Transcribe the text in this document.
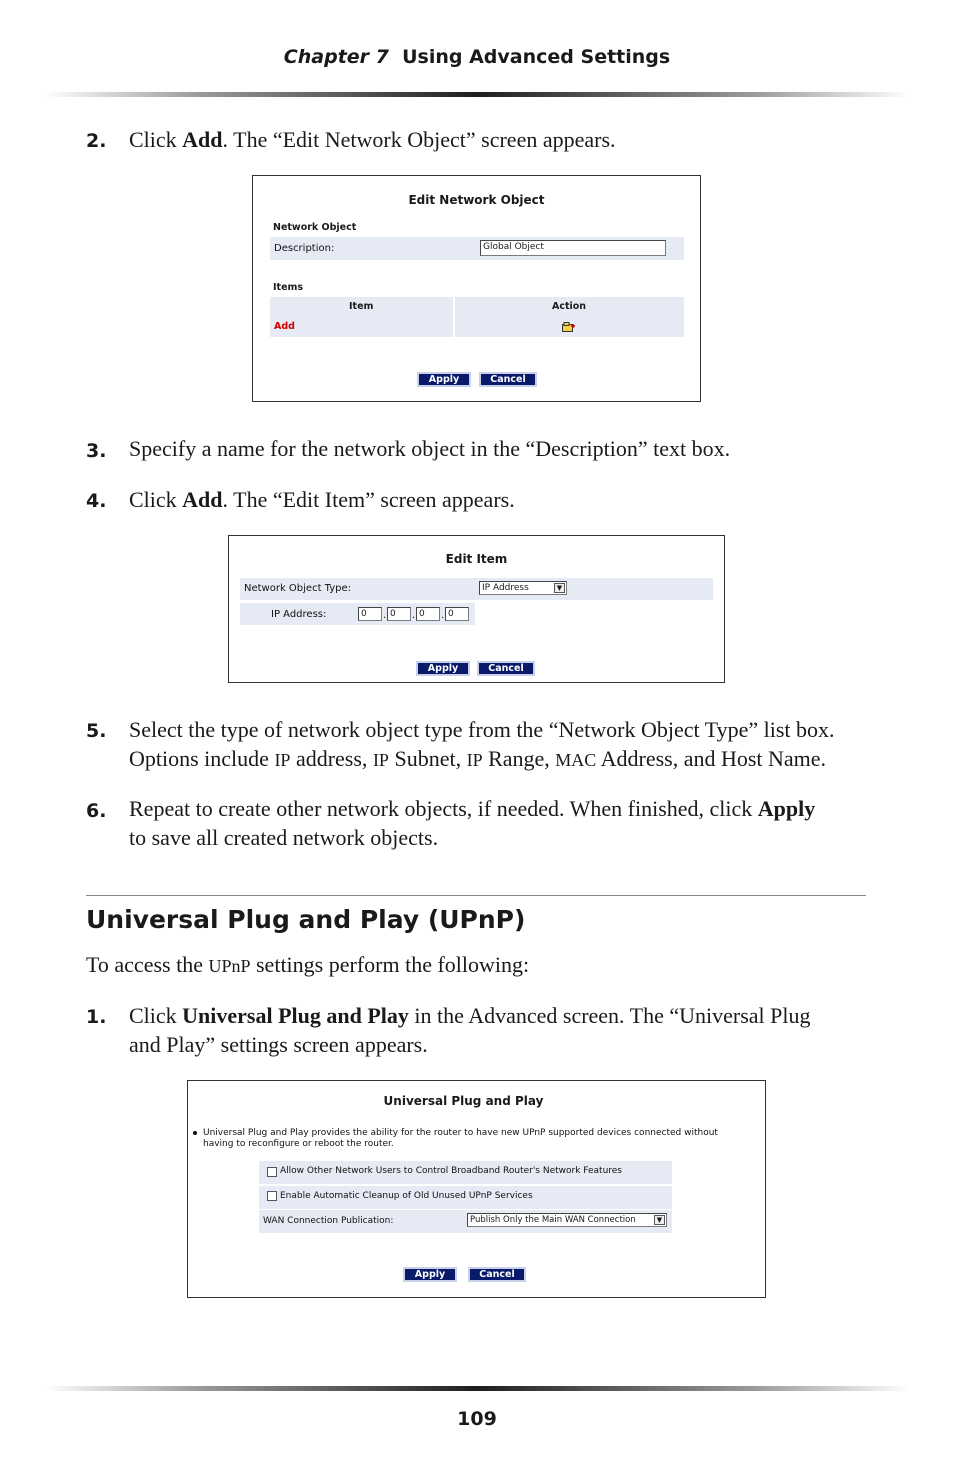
Chapter 7 Using Advanced Settings
2. Click Add. The “Edit Network Object” screen appears.
Edit Network Object
Network Object
Description:	Global Object
Items
Item	Action
Add
Apply	Cancel
3. Specify a name for the network object in the “Description” text box.
4. Click Add. The “Edit Item” screen appears.
Edit Item
Network Object Type:	IP Address	▼
IP Address:	0	. 0	. 0	. 0
Apply	Cancel
5. Select the type of network object type from the “Network Object Type” list box.
Options include IP address, IP Subnet, IP Range, MAC Address, and Host Name.
6. Repeat to create other network objects, if needed. When finished, click Apply
to save all created network objects.
Universal Plug and Play (UPnP)
To access the UPnP settings perform the following:
1. Click Universal Plug and Play in the Advanced screen. The “Universal Plug
and Play” settings screen appears.
Universal Plug and Play
Universal Plug and Play provides the ability for the router to have new UPnP supported devices connected without
having to reconfigure or reboot the router.
Allow Other Network Users to Control Broadband Router's Network Features
Enable Automatic Cleanup of Old Unused UPnP Services
WAN Connection Publication:	Publish Only the Main WAN Connection	▼
Apply	Cancel
109
